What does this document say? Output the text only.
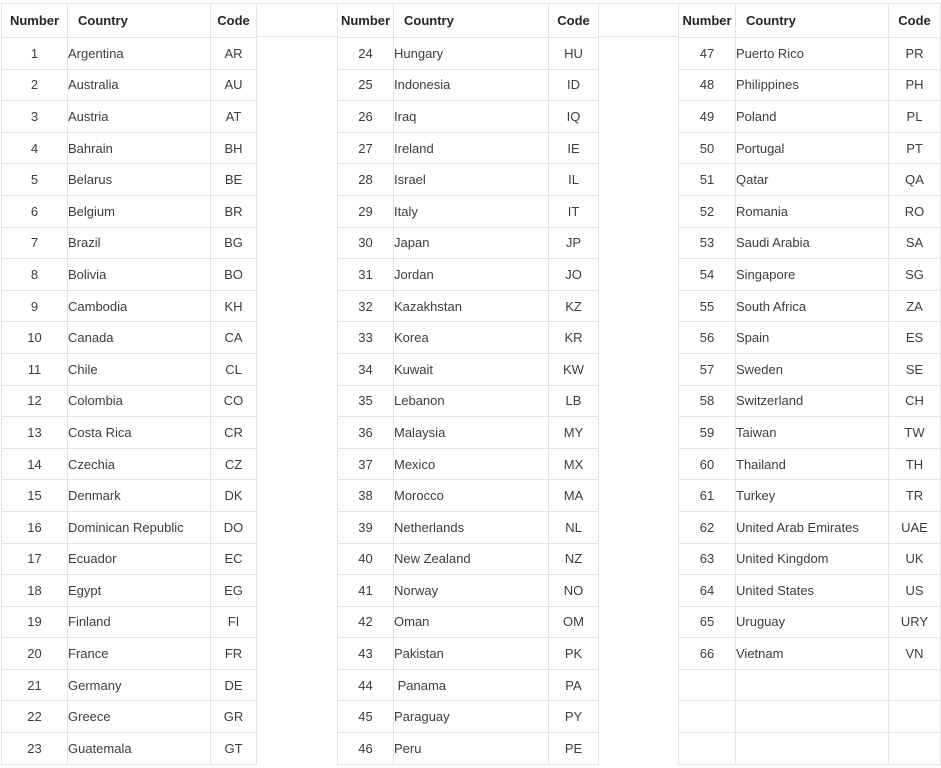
Number	Country	Code
1	Argentina	AR
2	Australia	AU
3	Austria	AT
4	Bahrain	BH
5	Belarus	BE
6	Belgium	BR
7	Brazil	BG
8	Bolivia	BO
9	Cambodia	KH
10	Canada	CA
11	Chile	CL
12	Colombia	CO
13	Costa Rica	CR
14	Czechia	CZ
15	Denmark	DK
16	Dominican Republic	DO
17	Ecuador	EC
18	Egypt	EG
19	Finland	FI
20	France	FR
21	Germany	DE
22	Greece	GR
23	Guatemala	GT
Number	Country	Code
24	Hungary	HU
25	Indonesia	ID
26	Iraq	IQ
27	Ireland	IE
28	Israel	IL
29	Italy	IT
30	Japan	JP
31	Jordan	JO
32	Kazakhstan	KZ
33	Korea	KR
34	Kuwait	KW
35	Lebanon	LB
36	Malaysia	MY
37	Mexico	MX
38	Morocco	MA
39	Netherlands	NL
40	New Zealand	NZ
41	Norway	NO
42	Oman	OM
43	Pakistan	PK
44	Panama	PA
45	Paraguay	PY
46	Peru	PE
Number	Country	Code
47	Puerto Rico	PR
48	Philippines	PH
49	Poland	PL
50	Portugal	PT
51	Qatar	QA
52	Romania	RO
53	Saudi Arabia	SA
54	Singapore	SG
55	South Africa	ZA
56	Spain	ES
57	Sweden	SE
58	Switzerland	CH
59	Taiwan	TW
60	Thailand	TH
61	Turkey	TR
62	United Arab Emirates	UAE
63	United Kingdom	UK
64	United States	US
65	Uruguay	URY
66	Vietnam	VN
